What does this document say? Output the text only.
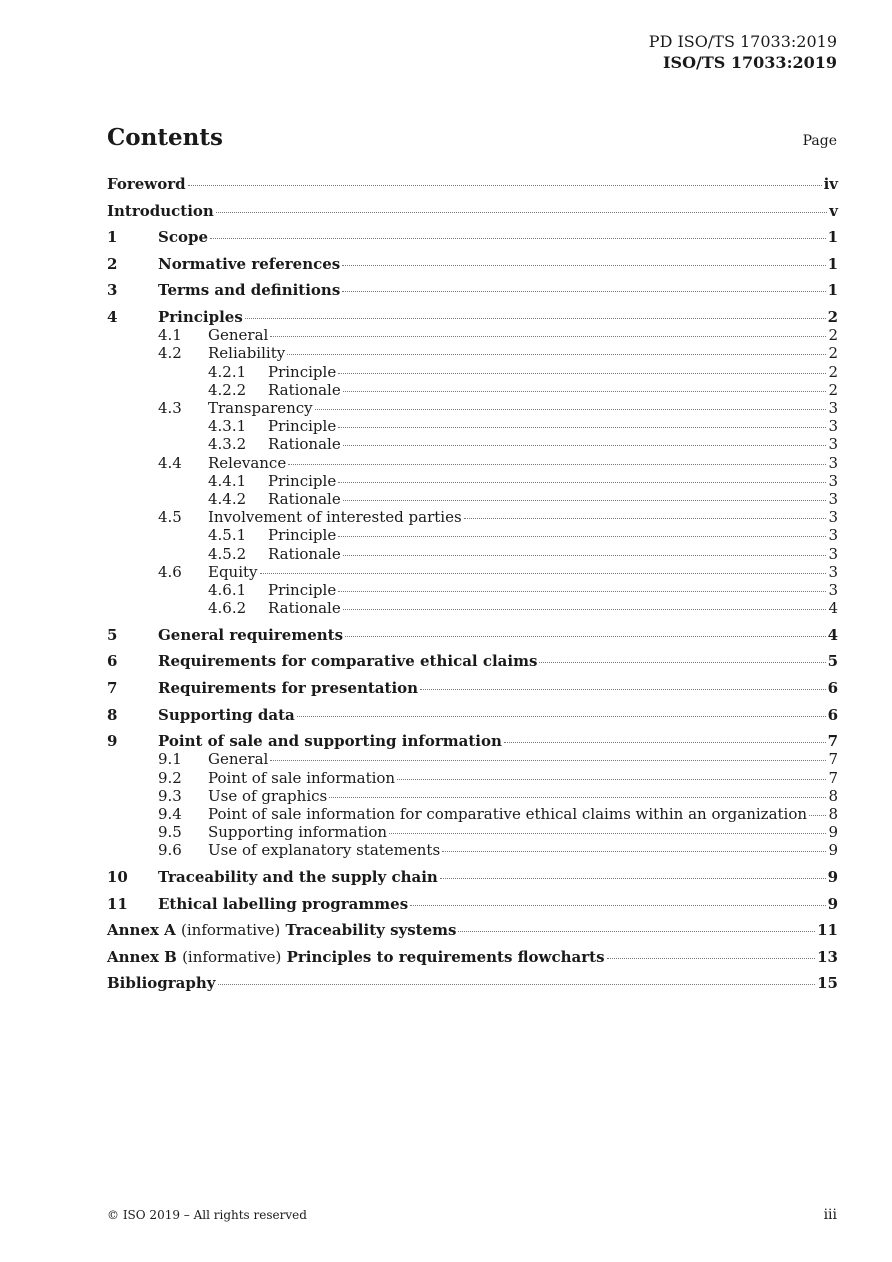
PD ISO/TS 17033:2019
ISO/TS 17033:2019
Contents	Page
Foreword	iv
Introduction	v
1	Scope	1
2	Normative references	1
3	Terms and definitions	1
4	Principles	2
4.1	General	2
4.2	Reliability	2
4.2.1	Principle	2
4.2.2	Rationale	2
4.3	Transparency	3
4.3.1	Principle	3
4.3.2	Rationale	3
4.4	Relevance	3
4.4.1	Principle	3
4.4.2	Rationale	3
4.5	Involvement of interested parties	3
4.5.1	Principle	3
4.5.2	Rationale	3
4.6	Equity	3
4.6.1	Principle	3
4.6.2	Rationale	4
5	General requirements	4
6	Requirements for comparative ethical claims	5
7	Requirements for presentation	6
8	Supporting data	6
9	Point of sale and supporting information	7
9.1	General	7
9.2	Point of sale information	7
9.3	Use of graphics	8
9.4	Point of sale information for comparative ethical claims within an organization 8
9.5	Supporting information	9
9.6	Use of explanatory statements	9
10	Traceability and the supply chain	9
11	Ethical labelling programmes	9
Annex A (informative) Traceability systems	11
Annex B (informative) Principles to requirements flowcharts	13
Bibliography	15
© ISO 2019 – All rights reserved	iii
